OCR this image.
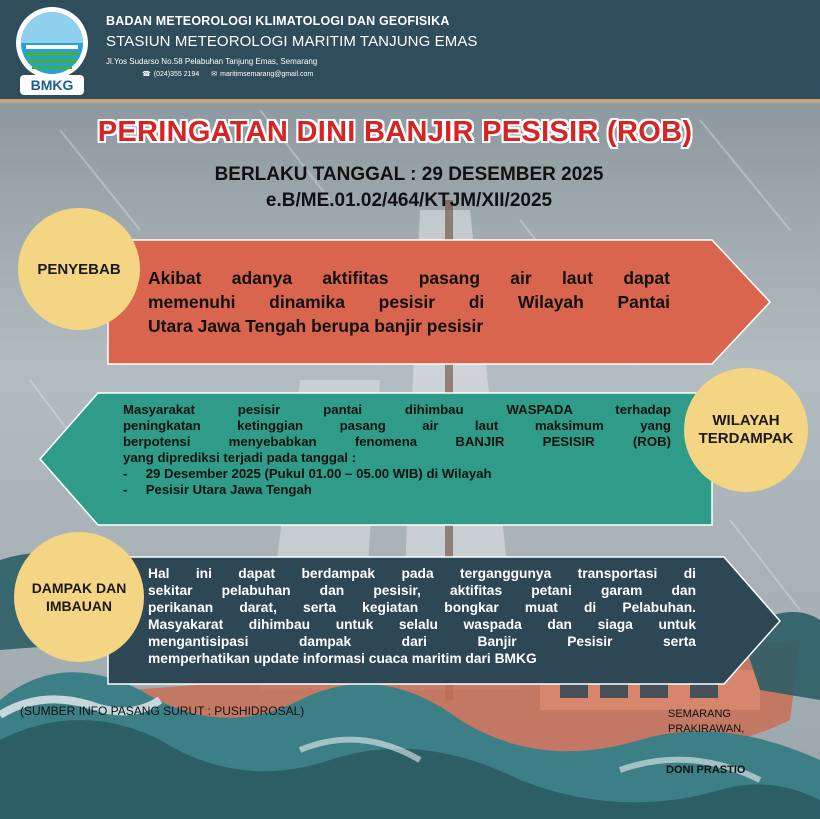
BMKG
BADAN METEOROLOGI KLIMATOLOGI DAN GEOFISIKA
STASIUN METEOROLOGI MARITIM TANJUNG EMAS
Jl.Yos Sudarso No.58 Pelabuhan Tanjung Emas, Semarang
☎ (024)355 2194 ✉ maritimsemarang@gmail.com
PERINGATAN DINI BANJIR PESISIR (ROB)
BERLAKU TANGGAL : 29 DESEMBER 2025
e.B/ME.01.02/464/KTJM/XII/2025
PENYEBAB Akibat adanya aktifitas pasang air laut dapat
memenuhi dinamika pesisir di Wilayah Pantai
Utara Jawa Tengah berupa banjir pesisir
WILAYAH
TERDAMPAK
Masyarakat pesisir pantai dihimbau WASPADA terhadap
peningkatan ketinggian pasang air laut maksimum yang
berpotensi menyebabkan fenomena BANJIR PESISIR (ROB)
yang diprediksi terjadi pada tanggal :
-     29 Desember 2025 (Pukul 01.00 – 05.00 WIB) di Wilayah
-     Pesisir Utara Jawa Tengah
DAMPAK DAN
IMBAUAN
Hal ini dapat berdampak pada terganggunya transportasi di
sekitar pelabuhan dan pesisir, aktifitas petani garam dan
perikanan darat, serta kegiatan bongkar muat di Pelabuhan.
Masyakarat dihimbau untuk selalu waspada dan siaga untuk
mengantisipasi dampak dari Banjir Pesisir serta
memperhatikan update informasi cuaca maritim dari BMKG
(SUMBER INFO PASANG SURUT : PUSHIDROSAL)	SEMARANG
PRAKIRAWAN,
DONI PRASTIO
